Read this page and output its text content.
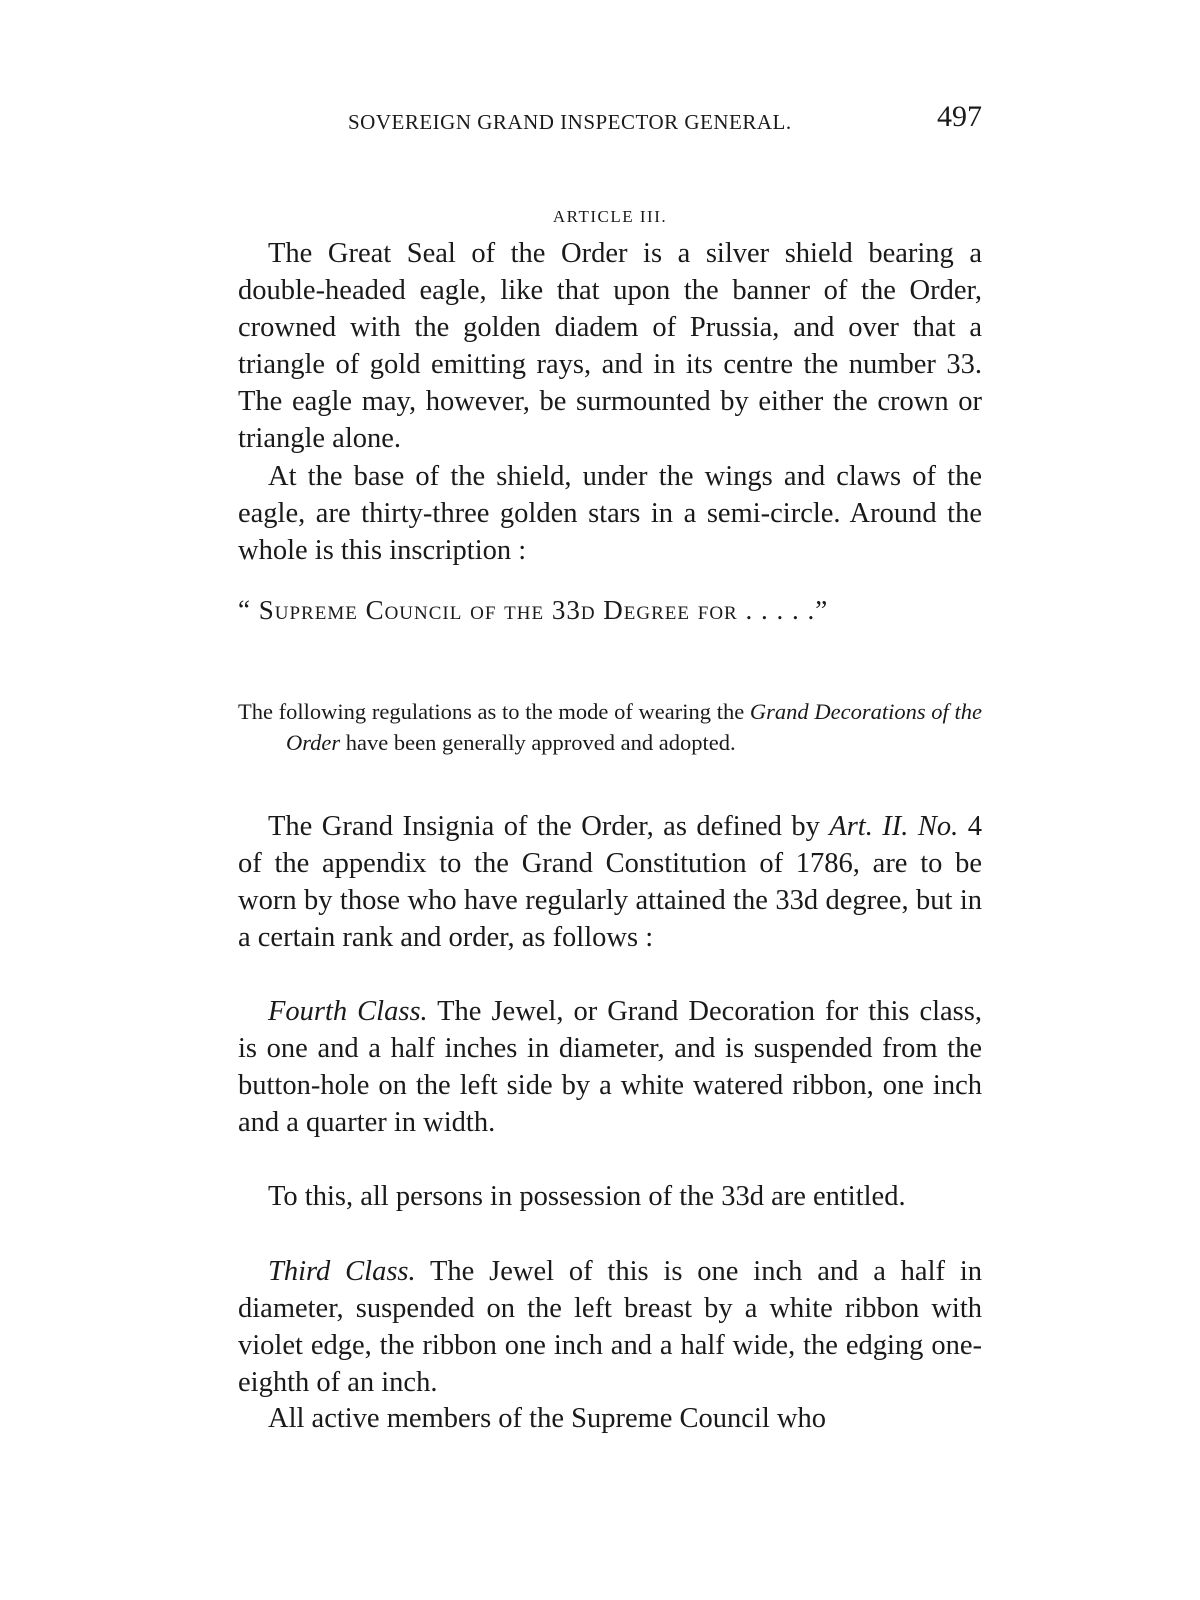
SOVEREIGN GRAND INSPECTOR GENERAL.	497
ARTICLE III.

The Great Seal of the Order is a silver shield bearing a double-headed eagle, like that upon the banner of the Order, crowned with the golden diadem of Prussia, and over that a triangle of gold emitting rays, and in its centre the number 33. The eagle may, however, be surmounted by either the crown or triangle alone.

At the base of the shield, under the wings and claws of the eagle, are thirty-three golden stars in a semi-circle. Around the whole is this inscription :

“ Supreme Council of the 33d Degree for . . . . .”

The following regulations as to the mode of wearing the Grand Decorations of the Order have been generally approved and adopted.

The Grand Insignia of the Order, as defined by Art. II. No. 4 of the appendix to the Grand Constitution of 1786, are to be worn by those who have regularly attained the 33d degree, but in a certain rank and order, as follows :

Fourth Class. The Jewel, or Grand Decoration for this class, is one and a half inches in diameter, and is suspended from the button-hole on the left side by a white watered ribbon, one inch and a quarter in width.

To this, all persons in possession of the 33d are entitled.

Third Class. The Jewel of this is one inch and a half in diameter, suspended on the left breast by a white ribbon with violet edge, the ribbon one inch and a half wide, the edging one-eighth of an inch.

All active members of the Supreme Council who
